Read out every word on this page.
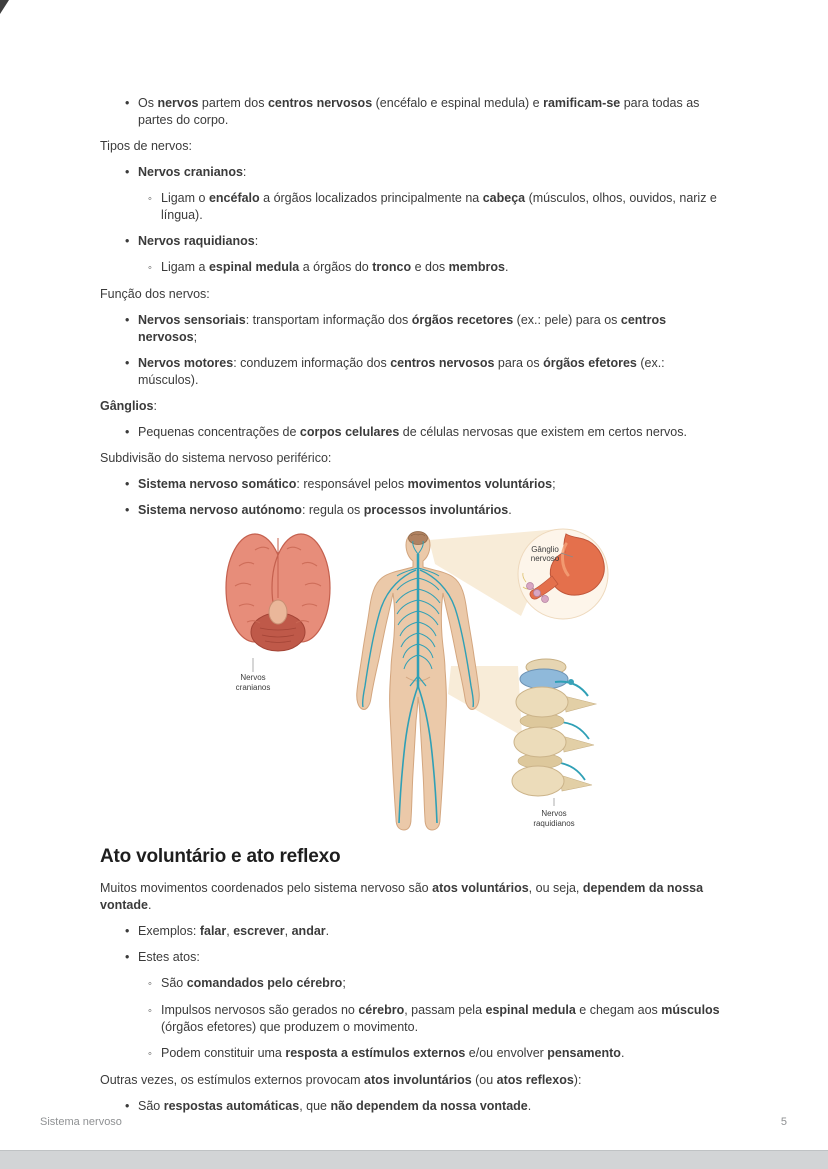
•

Os nervos partem dos centros nervosos (encéfalo e espinal medula) e ramificam-se para todas as partes do corpo.

Tipos de nervos:

•

Nervos cranianos:

◦

Ligam o encéfalo a órgãos localizados principalmente na cabeça (músculos, olhos, ouvidos, nariz e língua).

•

Nervos raquidianos:

◦

Ligam a espinal medula a órgãos do tronco e dos membros.

Função dos nervos:

•

Nervos sensoriais: transportam informação dos órgãos recetores (ex.: pele) para os centros nervosos;

•

Nervos motores: conduzem informação dos centros nervosos para os órgãos efetores (ex.: músculos).

Gânglios:

•

Pequenas concentrações de corpos celulares de células nervosas que existem em certos nervos.

Subdivisão do sistema nervoso periférico:

•

Sistema nervoso somático: responsável pelos movimentos voluntários;

•

Sistema nervoso autónomo: regula os processos involuntários.

Gânglio
nervoso
Nervos
raquidianos
Nervos
cranianos
Ato voluntário e ato reflexo

Muitos movimentos coordenados pelo sistema nervoso são atos voluntários, ou seja, dependem da nossa vontade.

•

Exemplos: falar, escrever, andar.

•

Estes atos:

◦

São comandados pelo cérebro;

◦

Impulsos nervosos são gerados no cérebro, passam pela espinal medula e chegam aos músculos (órgãos efetores) que produzem o movimento.

◦

Podem constituir uma resposta a estímulos externos e/ou envolver pensamento.

Outras vezes, os estímulos externos provocam atos involuntários (ou atos reflexos):

•

São respostas automáticas, que não dependem da nossa vontade.

Sistema nervoso	5
